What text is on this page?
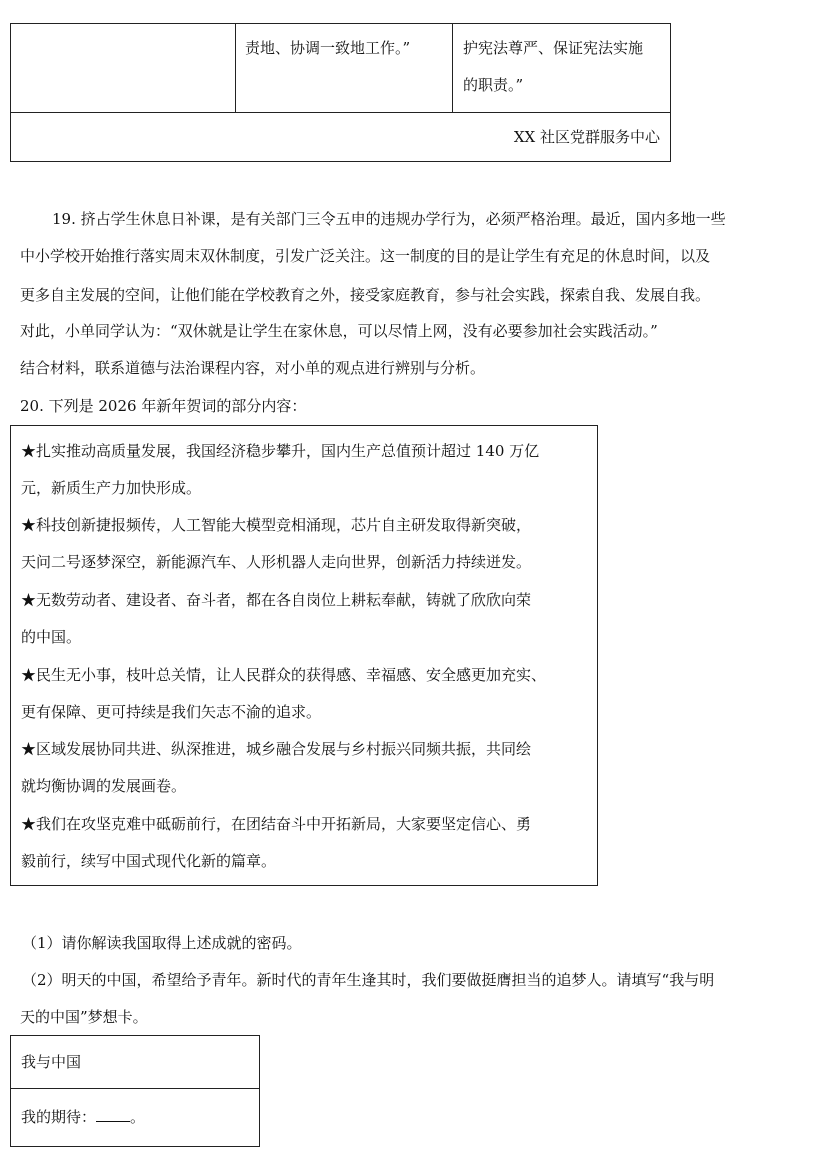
责地、协调一致地工作。”	护宪法尊严、保证宪法实施
的职责。”
XX 社区党群服务中心
19. 挤占学生休息日补课，是有关部门三令五申的违规办学行为，必须严格治理。最近，国内多地一些
中小学校开始推行落实周末双休制度，引发广泛关注。这一制度的目的是让学生有充足的休息时间，以及
更多自主发展的空间，让他们能在学校教育之外，接受家庭教育，参与社会实践，探索自我、发展自我。
对此，小单同学认为：“双休就是让学生在家休息，可以尽情上网，没有必要参加社会实践活动。”
结合材料，联系道德与法治课程内容，对小单的观点进行辨别与分析。
20. 下列是 2026 年新年贺词的部分内容：
★扎实推动高质量发展，我国经济稳步攀升，国内生产总值预计超过 140 万亿
元，新质生产力加快形成。
★科技创新捷报频传，人工智能大模型竞相涌现，芯片自主研发取得新突破，
天问二号逐梦深空，新能源汽车、人形机器人走向世界，创新活力持续迸发。
★无数劳动者、建设者、奋斗者，都在各自岗位上耕耘奉献，铸就了欣欣向荣
的中国。
★民生无小事，枝叶总关情，让人民群众的获得感、幸福感、安全感更加充实、
更有保障、更可持续是我们矢志不渝的追求。
★区域发展协同共进、纵深推进，城乡融合发展与乡村振兴同频共振，共同绘
就均衡协调的发展画卷。
★我们在攻坚克难中砥砺前行，在团结奋斗中开拓新局，大家要坚定信心、勇
毅前行，续写中国式现代化新的篇章。
（1）请你解读我国取得上述成就的密码。
（2）明天的中国，希望给予青年。新时代的青年生逢其时，我们要做挺膺担当的追梦人。请填写“我与明
天的中国”梦想卡。
我与中国
我的期待： 。
